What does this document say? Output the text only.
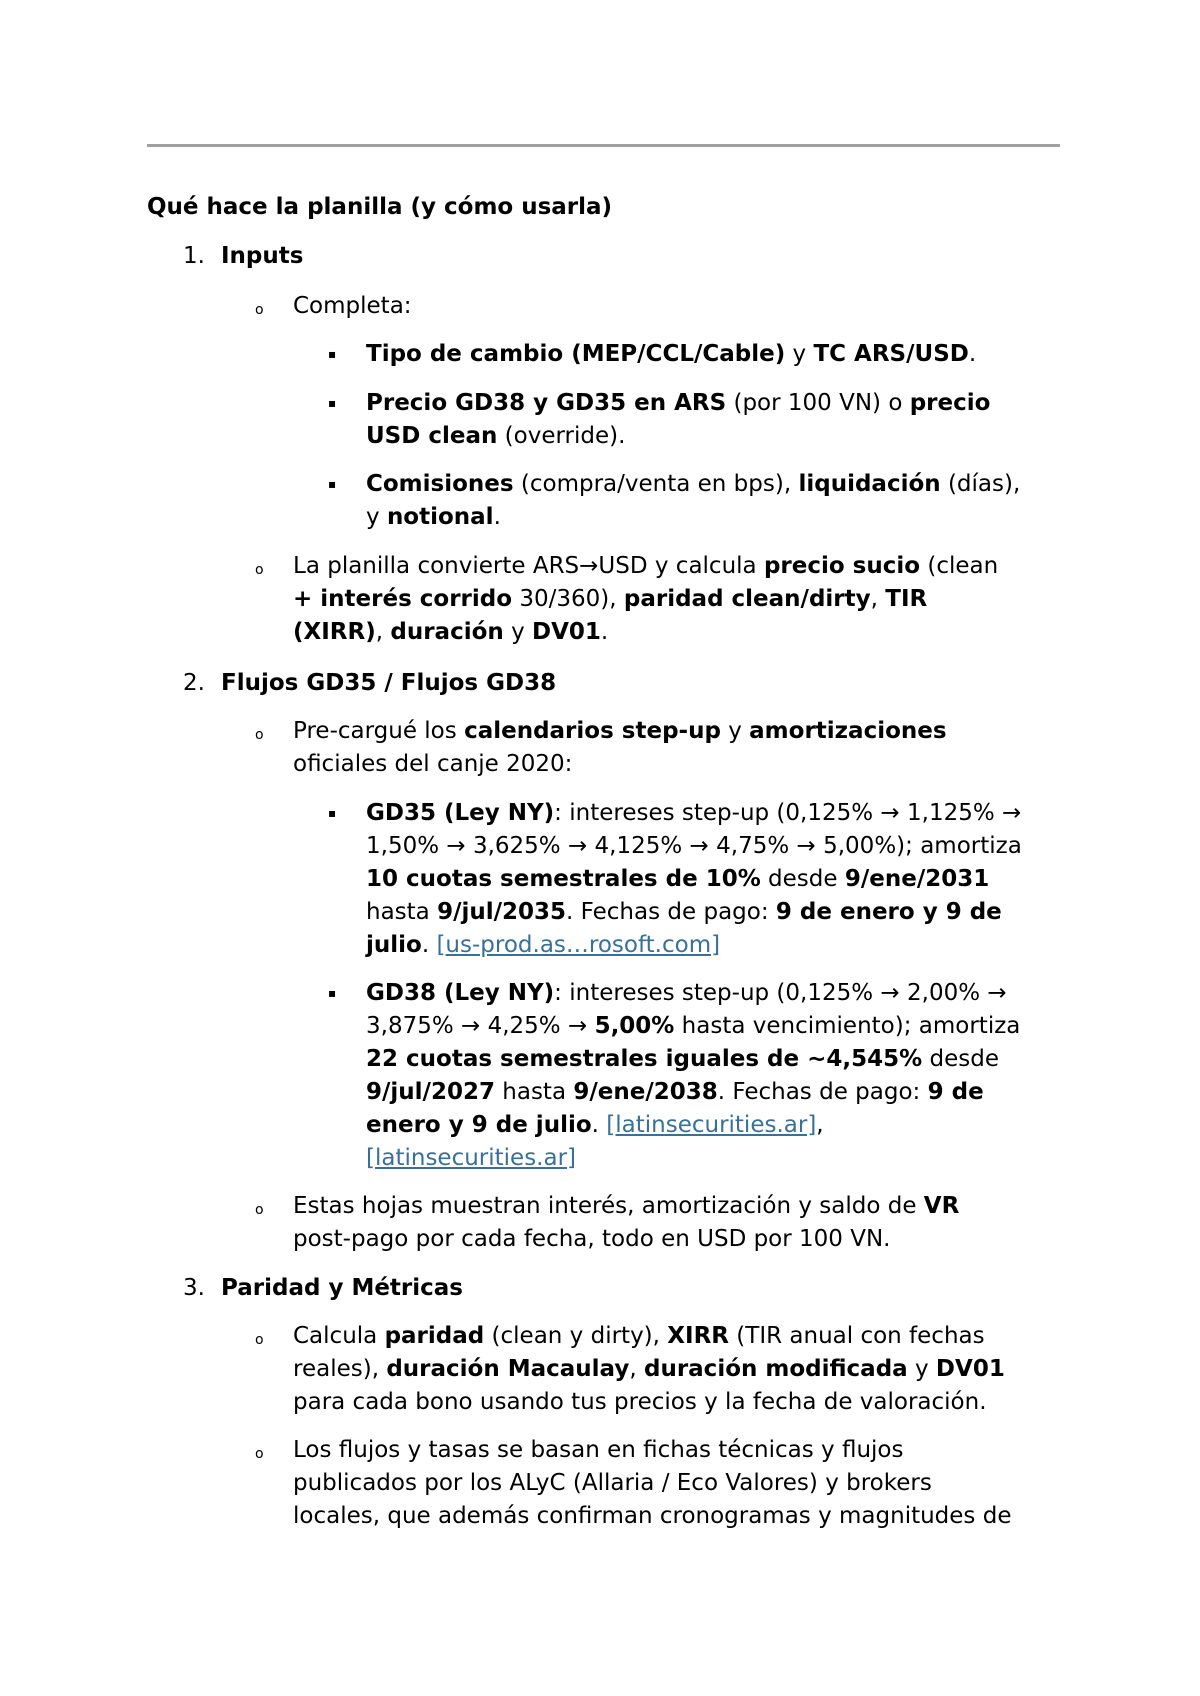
Qué hace la planilla (y cómo usarla)
1. Inputs
o Completa:
▪ Tipo de cambio (MEP/CCL/Cable) y TC ARS/USD.
▪ Precio GD38 y GD35 en ARS (por 100 VN) o precio
USD clean (override).
▪ Comisiones (compra/venta en bps), liquidación (días),
y notional.
o La planilla convierte ARS→USD y calcula precio sucio (clean
+ interés corrido 30/360), paridad clean/dirty, TIR
(XIRR), duración y DV01.
2. Flujos GD35 / Flujos GD38
o Pre-cargué los calendarios step-up y amortizaciones
oficiales del canje 2020:
▪ GD35 (Ley NY): intereses step-up (0,125% → 1,125% →
1,50% → 3,625% → 4,125% → 4,75% → 5,00%); amortiza
10 cuotas semestrales de 10% desde 9/ene/2031
hasta 9/jul/2035. Fechas de pago: 9 de enero y 9 de
julio. [us-prod.as…rosoft.com]
▪ GD38 (Ley NY): intereses step-up (0,125% → 2,00% →
3,875% → 4,25% → 5,00% hasta vencimiento); amortiza
22 cuotas semestrales iguales de ~4,545% desde
9/jul/2027 hasta 9/ene/2038. Fechas de pago: 9 de
enero y 9 de julio. [latinsecurities.ar],
[latinsecurities.ar]
o Estas hojas muestran interés, amortización y saldo de VR
post-pago por cada fecha, todo en USD por 100 VN.
3. Paridad y Métricas
o Calcula paridad (clean y dirty), XIRR (TIR anual con fechas
reales), duración Macaulay, duración modificada y DV01
para cada bono usando tus precios y la fecha de valoración.
o Los flujos y tasas se basan en fichas técnicas y flujos
publicados por los ALyC (Allaria / Eco Valores) y brokers
locales, que además confirman cronogramas y magnitudes de
